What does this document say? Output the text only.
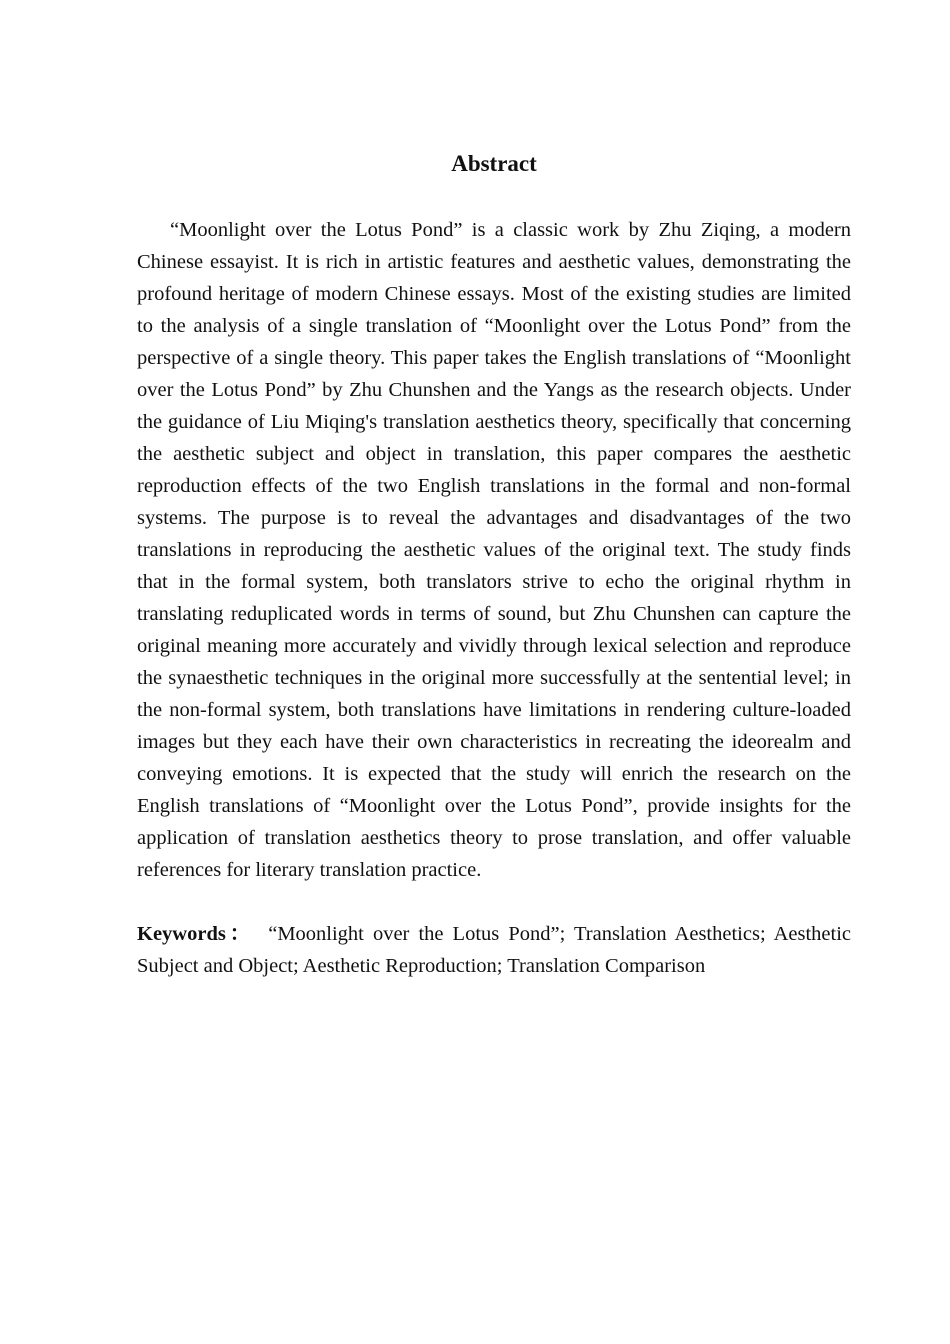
Abstract

“Moonlight over the Lotus Pond” is a classic work by Zhu Ziqing, a modern Chinese essayist. It is rich in artistic features and aesthetic values, demonstrating the profound heritage of modern Chinese essays. Most of the existing studies are limited to the analysis of a single translation of “Moonlight over the Lotus Pond” from the perspective of a single theory. This paper takes the English translations of “Moonlight over the Lotus Pond” by Zhu Chunshen and the Yangs as the research objects. Under the guidance of Liu Miqing's translation aesthetics theory, specifically that concerning the aesthetic subject and object in translation, this paper compares the aesthetic reproduction effects of the two English translations in the formal and non-formal systems. The purpose is to reveal the advantages and disadvantages of the two translations in reproducing the aesthetic values of the original text. The study finds that in the formal system, both translators strive to echo the original rhythm in translating reduplicated words in terms of sound, but Zhu Chunshen can capture the original meaning more accurately and vividly through lexical selection and reproduce the synaesthetic techniques in the original more successfully at the sentential level; in the non-formal system, both translations have limitations in rendering culture-loaded images but they each have their own characteristics in recreating the ideorealm and conveying emotions. It is expected that the study will enrich the research on the English translations of “Moonlight over the Lotus Pond”, provide insights for the application of translation aesthetics theory to prose translation, and offer valuable references for literary translation practice.

Keywords： “Moonlight over the Lotus Pond”; Translation Aesthetics; Aesthetic Subject and Object; Aesthetic Reproduction; Translation Comparison
